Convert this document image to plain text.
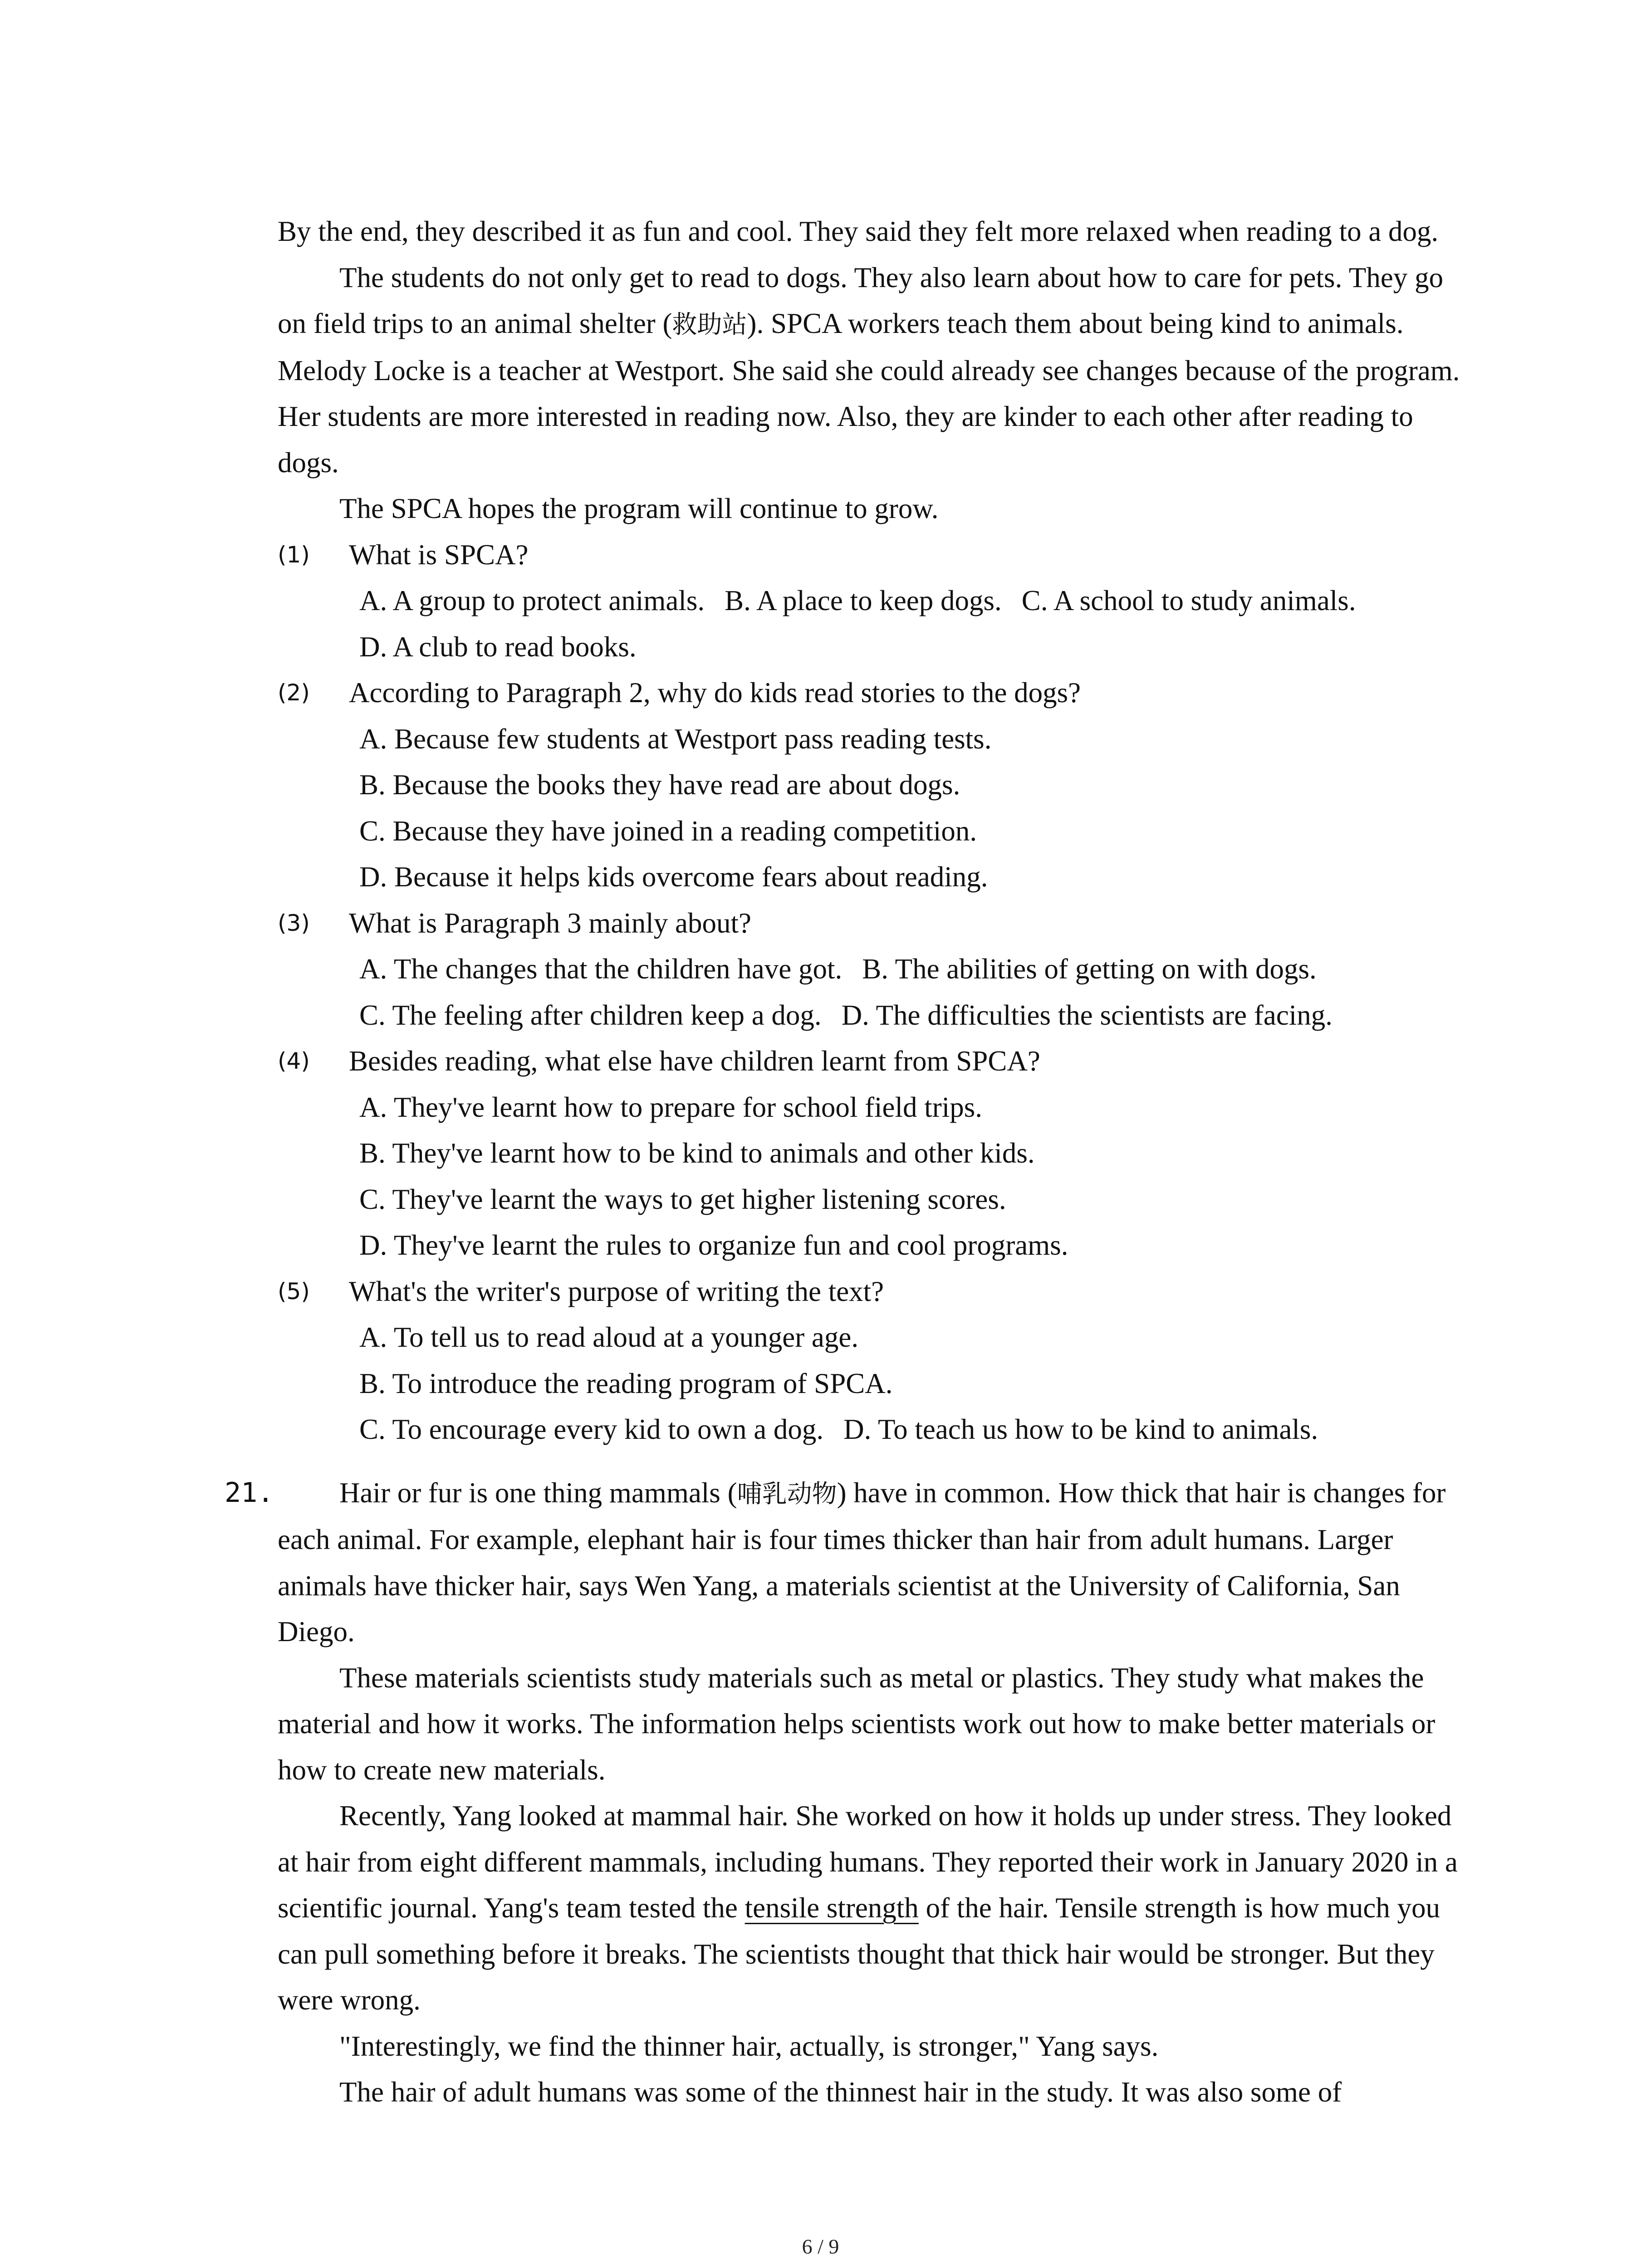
By the end, they described it as fun and cool. They said they felt more relaxed when reading to a dog.

The students do not only get to read to dogs. They also learn about how to care for pets. They go on field trips to an animal shelter (救助站). SPCA workers teach them about being kind to animals. Melody Locke is a teacher at Westport. She said she could already see changes because of the program. Her students are more interested in reading now. Also, they are kinder to each other after reading to dogs.

The SPCA hopes the program will continue to grow.

(1) What is SPCA?

A. A group to protect animals. B. A place to keep dogs. C. A school to study animals.

D. A club to read books.

(2) According to Paragraph 2, why do kids read stories to the dogs?

A. Because few students at Westport pass reading tests.

B. Because the books they have read are about dogs.

C. Because they have joined in a reading competition.

D. Because it helps kids overcome fears about reading.

(3) What is Paragraph 3 mainly about?

A. The changes that the children have got. B. The abilities of getting on with dogs.

C. The feeling after children keep a dog. D. The difficulties the scientists are facing.

(4) Besides reading, what else have children learnt from SPCA?

A. They've learnt how to prepare for school field trips.

B. They've learnt how to be kind to animals and other kids.

C. They've learnt the ways to get higher listening scores.

D. They've learnt the rules to organize fun and cool programs.

(5) What's the writer's purpose of writing the text?

A. To tell us to read aloud at a younger age.

B. To introduce the reading program of SPCA.

C. To encourage every kid to own a dog. D. To teach us how to be kind to animals.

21.	Hair or fur is one thing mammals (哺乳动物) have in common. How thick that hair is changes for each animal. For example, elephant hair is four times thicker than hair from adult humans. Larger animals have thicker hair, says Wen Yang, a materials scientist at the University of California, San Diego.

These materials scientists study materials such as metal or plastics. They study what makes the material and how it works. The information helps scientists work out how to make better materials or how to create new materials.

Recently, Yang looked at mammal hair. She worked on how it holds up under stress. They looked at hair from eight different mammals, including humans. They reported their work in January 2020 in a scientific journal. Yang's team tested the tensile strength of the hair. Tensile strength is how much you can pull something before it breaks. The scientists thought that thick hair would be stronger. But they were wrong.

"Interestingly, we find the thinner hair, actually, is stronger," Yang says.

The hair of adult humans was some of the thinnest hair in the study. It was also some of

6 / 9
